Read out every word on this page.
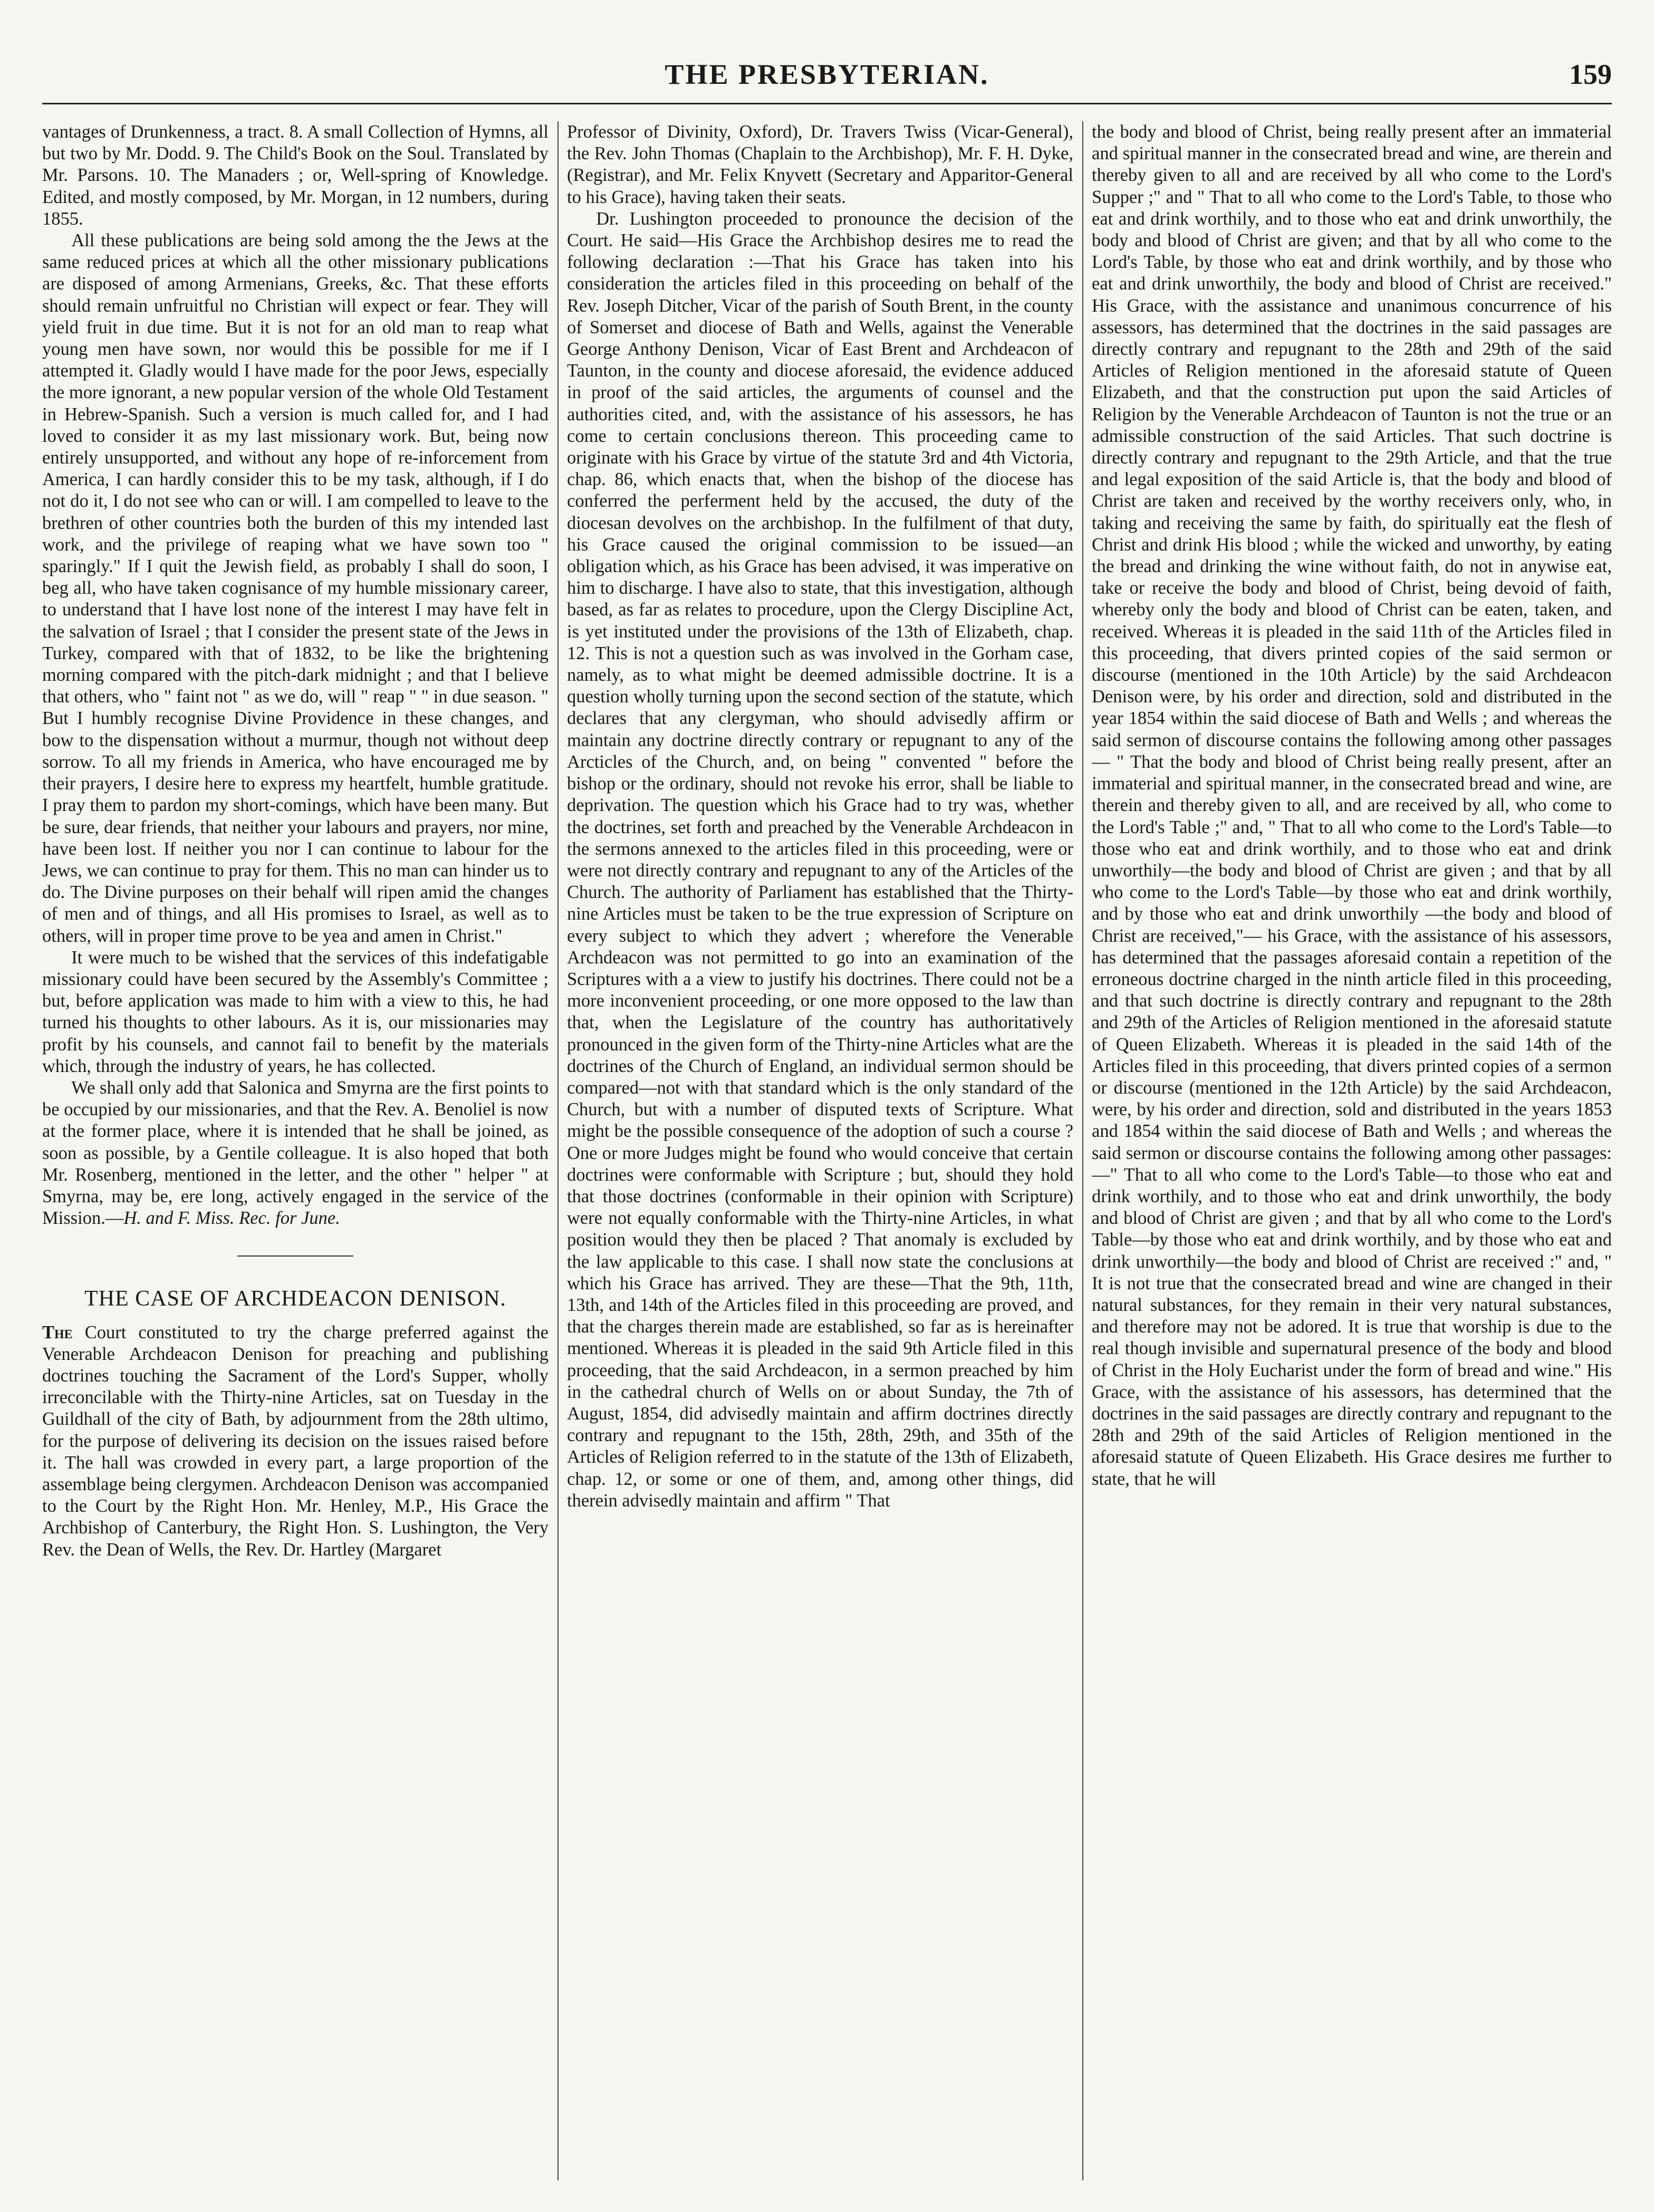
THE PRESBYTERIAN.	159

vantages of Drunkenness, a tract. 8. A small Collection of Hymns, all but two by Mr. Dodd. 9. The Child's Book on the Soul. Translated by Mr. Parsons. 10. The Manaders ; or, Well-spring of Knowledge. Edited, and mostly composed, by Mr. Morgan, in 12 numbers, during 1855.

All these publications are being sold among the the Jews at the same reduced prices at which all the other missionary publications are disposed of among Armenians, Greeks, &c. That these efforts should remain unfruitful no Christian will expect or fear. They will yield fruit in due time. But it is not for an old man to reap what young men have sown, nor would this be possible for me if I attempted it. Gladly would I have made for the poor Jews, especially the more ignorant, a new popular version of the whole Old Testament in Hebrew-Spanish. Such a version is much called for, and I had loved to consider it as my last missionary work. But, being now entirely unsupported, and without any hope of re-inforcement from America, I can hardly consider this to be my task, although, if I do not do it, I do not see who can or will. I am compelled to leave to the brethren of other countries both the burden of this my intended last work, and the privilege of reaping what we have sown too " sparingly." If I quit the Jewish field, as probably I shall do soon, I beg all, who have taken cognisance of my humble missionary career, to understand that I have lost none of the interest I may have felt in the salvation of Israel ; that I consider the present state of the Jews in Turkey, compared with that of 1832, to be like the brightening morning compared with the pitch-dark midnight ; and that I believe that others, who " faint not " as we do, will " reap " " in due season. " But I humbly recognise Divine Providence in these changes, and bow to the dispensation without a murmur, though not without deep sorrow. To all my friends in America, who have encouraged me by their prayers, I desire here to express my heartfelt, humble gratitude. I pray them to pardon my short-comings, which have been many. But be sure, dear friends, that neither your labours and prayers, nor mine, have been lost. If neither you nor I can continue to labour for the Jews, we can continue to pray for them. This no man can hinder us to do. The Divine purposes on their behalf will ripen amid the changes of men and of things, and all His promises to Israel, as well as to others, will in proper time prove to be yea and amen in Christ."

It were much to be wished that the services of this indefatigable missionary could have been secured by the Assembly's Committee ; but, before application was made to him with a view to this, he had turned his thoughts to other labours. As it is, our missionaries may profit by his counsels, and cannot fail to benefit by the materials which, through the industry of years, he has collected.

We shall only add that Salonica and Smyrna are the first points to be occupied by our missionaries, and that the Rev. A. Benoliel is now at the former place, where it is intended that he shall be joined, as soon as possible, by a Gentile colleague. It is also hoped that both Mr. Rosenberg, mentioned in the letter, and the other " helper " at Smyrna, may be, ere long, actively engaged in the service of the Mission.—H. and F. Miss. Rec. for June.

THE CASE OF ARCHDEACON DENISON.

The Court constituted to try the charge preferred against the Venerable Archdeacon Denison for preaching and publishing doctrines touching the Sacrament of the Lord's Supper, wholly irreconcilable with the Thirty-nine Articles, sat on Tuesday in the Guildhall of the city of Bath, by adjournment from the 28th ultimo, for the purpose of delivering its decision on the issues raised before it. The hall was crowded in every part, a large proportion of the assemblage being clergymen. Archdeacon Denison was accompanied to the Court by the Right Hon. Mr. Henley, M.P., His Grace the Archbishop of Canterbury, the Right Hon. S. Lushington, the Very Rev. the Dean of Wells, the Rev. Dr. Hartley (Margaret

Professor of Divinity, Oxford), Dr. Travers Twiss (Vicar-General), the Rev. John Thomas (Chaplain to the Archbishop), Mr. F. H. Dyke, (Registrar), and Mr. Felix Knyvett (Secretary and Apparitor-General to his Grace), having taken their seats.

Dr. Lushington proceeded to pronounce the decision of the Court. He said—His Grace the Archbishop desires me to read the following declaration :—That his Grace has taken into his consideration the articles filed in this proceeding on behalf of the Rev. Joseph Ditcher, Vicar of the parish of South Brent, in the county of Somerset and diocese of Bath and Wells, against the Venerable George Anthony Denison, Vicar of East Brent and Archdeacon of Taunton, in the county and diocese aforesaid, the evidence adduced in proof of the said articles, the arguments of counsel and the authorities cited, and, with the assistance of his assessors, he has come to certain conclusions thereon. This proceeding came to originate with his Grace by virtue of the statute 3rd and 4th Victoria, chap. 86, which enacts that, when the bishop of the diocese has conferred the perferment held by the accused, the duty of the diocesan devolves on the archbishop. In the fulfilment of that duty, his Grace caused the original commission to be issued—an obligation which, as his Grace has been advised, it was imperative on him to discharge. I have also to state, that this investigation, although based, as far as relates to procedure, upon the Clergy Discipline Act, is yet instituted under the provisions of the 13th of Elizabeth, chap. 12. This is not a question such as was involved in the Gorham case, namely, as to what might be deemed admissible doctrine. It is a question wholly turning upon the second section of the statute, which declares that any clergyman, who should advisedly affirm or maintain any doctrine directly contrary or repugnant to any of the Arcticles of the Church, and, on being " convented " before the bishop or the ordinary, should not revoke his error, shall be liable to deprivation. The question which his Grace had to try was, whether the doctrines, set forth and preached by the Venerable Archdeacon in the sermons annexed to the articles filed in this proceeding, were or were not directly contrary and repugnant to any of the Articles of the Church. The authority of Parliament has established that the Thirty-nine Articles must be taken to be the true expression of Scripture on every subject to which they advert ; wherefore the Venerable Archdeacon was not permitted to go into an examination of the Scriptures with a a view to justify his doctrines. There could not be a more inconvenient proceeding, or one more opposed to the law than that, when the Legislature of the country has authoritatively pronounced in the given form of the Thirty-nine Articles what are the doctrines of the Church of England, an individual sermon should be compared—not with that standard which is the only standard of the Church, but with a number of disputed texts of Scripture. What might be the possible consequence of the adoption of such a course ? One or more Judges might be found who would conceive that certain doctrines were conformable with Scripture ; but, should they hold that those doctrines (conformable in their opinion with Scripture) were not equally conformable with the Thirty-nine Articles, in what position would they then be placed ? That anomaly is excluded by the law applicable to this case. I shall now state the conclusions at which his Grace has arrived. They are these—That the 9th, 11th, 13th, and 14th of the Articles filed in this proceeding are proved, and that the charges therein made are established, so far as is hereinafter mentioned. Whereas it is pleaded in the said 9th Article filed in this proceeding, that the said Archdeacon, in a sermon preached by him in the cathedral church of Wells on or about Sunday, the 7th of August, 1854, did advisedly maintain and affirm doctrines directly contrary and repugnant to the 15th, 28th, 29th, and 35th of the Articles of Religion referred to in the statute of the 13th of Elizabeth, chap. 12, or some or one of them, and, among other things, did therein advisedly maintain and affirm " That

the body and blood of Christ, being really present after an immaterial and spiritual manner in the consecrated bread and wine, are therein and thereby given to all and are received by all who come to the Lord's Supper ;" and " That to all who come to the Lord's Table, to those who eat and drink worthily, and to those who eat and drink unworthily, the body and blood of Christ are given; and that by all who come to the Lord's Table, by those who eat and drink worthily, and by those who eat and drink unworthily, the body and blood of Christ are received." His Grace, with the assistance and unanimous concurrence of his assessors, has determined that the doctrines in the said passages are directly contrary and repugnant to the 28th and 29th of the said Articles of Religion mentioned in the aforesaid statute of Queen Elizabeth, and that the construction put upon the said Articles of Religion by the Venerable Archdeacon of Taunton is not the true or an admissible construction of the said Articles. That such doctrine is directly contrary and repugnant to the 29th Article, and that the true and legal exposition of the said Article is, that the body and blood of Christ are taken and received by the worthy receivers only, who, in taking and receiving the same by faith, do spiritually eat the flesh of Christ and drink His blood ; while the wicked and unworthy, by eating the bread and drinking the wine without faith, do not in anywise eat, take or receive the body and blood of Christ, being devoid of faith, whereby only the body and blood of Christ can be eaten, taken, and received. Whereas it is pleaded in the said 11th of the Articles filed in this proceeding, that divers printed copies of the said sermon or discourse (mentioned in the 10th Article) by the said Archdeacon Denison were, by his order and direction, sold and distributed in the year 1854 within the said diocese of Bath and Wells ; and whereas the said sermon of discourse contains the following among other passages— " That the body and blood of Christ being really present, after an immaterial and spiritual manner, in the consecrated bread and wine, are therein and thereby given to all, and are received by all, who come to the Lord's Table ;" and, " That to all who come to the Lord's Table—to those who eat and drink worthily, and to those who eat and drink unworthily—the body and blood of Christ are given ; and that by all who come to the Lord's Table—by those who eat and drink worthily, and by those who eat and drink unworthily —the body and blood of Christ are received,"— his Grace, with the assistance of his assessors, has determined that the passages aforesaid contain a repetition of the erroneous doctrine charged in the ninth article filed in this proceeding, and that such doctrine is directly contrary and repugnant to the 28th and 29th of the Articles of Religion mentioned in the aforesaid statute of Queen Elizabeth. Whereas it is pleaded in the said 14th of the Articles filed in this proceeding, that divers printed copies of a sermon or discourse (mentioned in the 12th Article) by the said Archdeacon, were, by his order and direction, sold and distributed in the years 1853 and 1854 within the said diocese of Bath and Wells ; and whereas the said sermon or discourse contains the following among other passages: —" That to all who come to the Lord's Table—to those who eat and drink worthily, and to those who eat and drink unworthily, the body and blood of Christ are given ; and that by all who come to the Lord's Table—by those who eat and drink worthily, and by those who eat and drink unworthily—the body and blood of Christ are received :" and, " It is not true that the consecrated bread and wine are changed in their natural substances, for they remain in their very natural substances, and therefore may not be adored. It is true that worship is due to the real though invisible and supernatural presence of the body and blood of Christ in the Holy Eucharist under the form of bread and wine." His Grace, with the assistance of his assessors, has determined that the doctrines in the said passages are directly contrary and repugnant to the 28th and 29th of the said Articles of Religion mentioned in the aforesaid statute of Queen Elizabeth. His Grace desires me further to state, that he will
